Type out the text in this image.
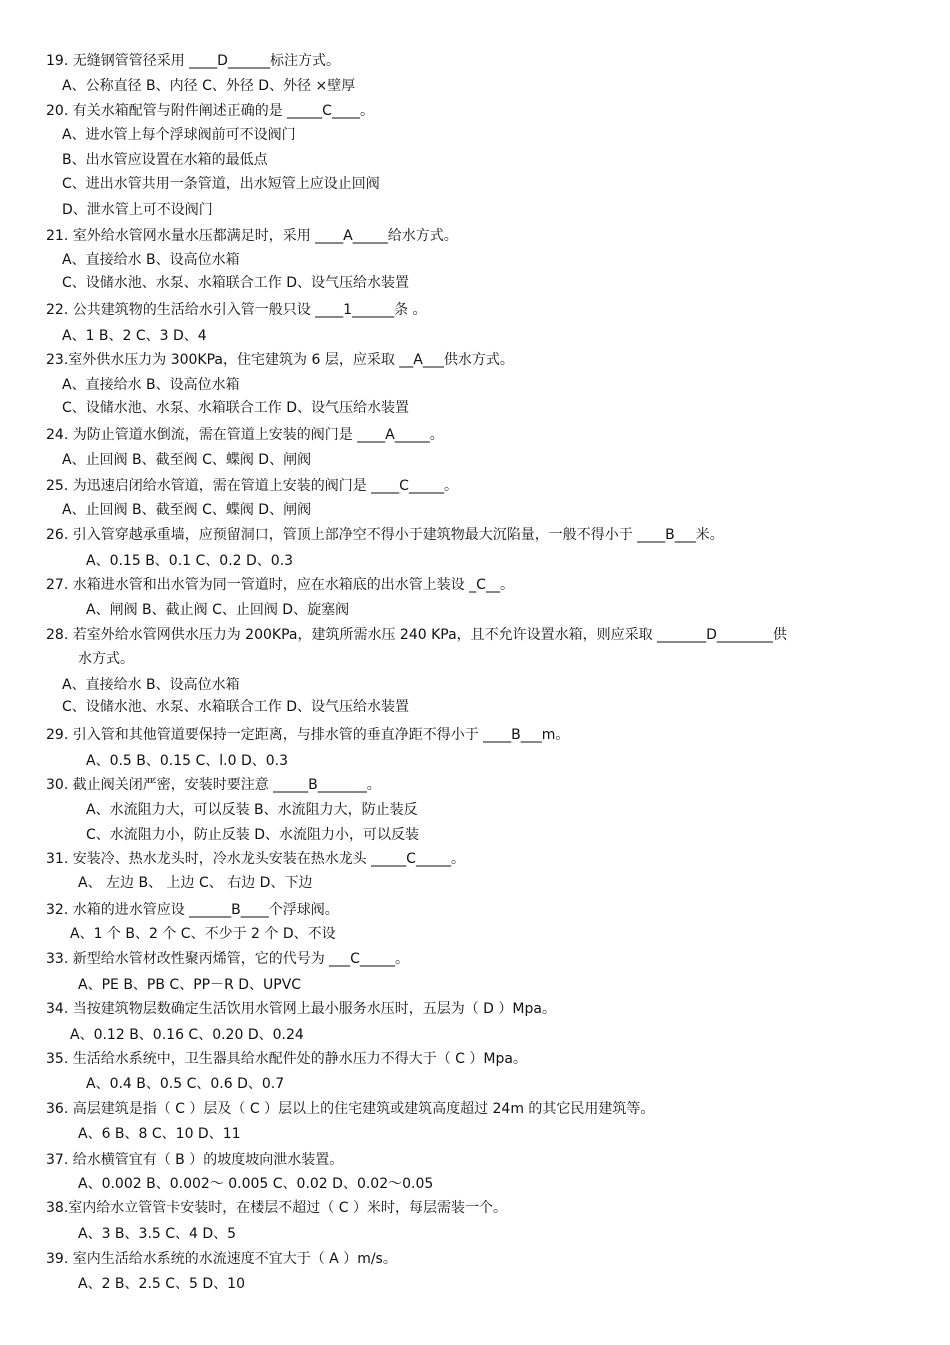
19. 无缝钢管管径采用 ____D______标注方式。
A、公称直径 B、内径 C、外径 D、外径 ×壁厚
20. 有关水箱配管与附件阐述正确的是 _____C____。
A、进水管上每个浮球阀前可不设阀门
B、出水管应设置在水箱的最低点
C、进出水管共用一条管道，出水短管上应设止回阀
D、泄水管上可不设阀门
21. 室外给水管网水量水压都满足时，采用 ____A_____给水方式。
A、直接给水 B、设高位水箱
C、设储水池、水泵、水箱联合工作 D、设气压给水装置
22. 公共建筑物的生活给水引入管一般只设 ____1______条 。
A、1 B、2 C、3 D、4
23.室外供水压力为 300KPa，住宅建筑为 6 层，应采取 __A___供水方式。
A、直接给水 B、设高位水箱
C、设储水池、水泵、水箱联合工作 D、设气压给水装置
24. 为防止管道水倒流，需在管道上安装的阀门是 ____A_____。
A、止回阀 B、截至阀 C、蝶阀 D、闸阀
25. 为迅速启闭给水管道，需在管道上安装的阀门是 ____C_____。
A、止回阀 B、截至阀 C、蝶阀 D、闸阀
26. 引入管穿越承重墙，应预留洞口，管顶上部净空不得小于建筑物最大沉陷量，一般不得小于 ____B___米。
A、0.15 B、0.1 C、0.2 D、0.3
27. 水箱进水管和出水管为同一管道时，应在水箱底的出水管上装设 _C__。
A、闸阀 B、截止阀 C、止回阀 D、旋塞阀
28. 若室外给水管网供水压力为 200KPa，建筑所需水压 240 KPa，且不允许设置水箱，则应采取 _______D________供
水方式。
A、直接给水 B、设高位水箱
C、设储水池、水泵、水箱联合工作 D、设气压给水装置
29. 引入管和其他管道要保持一定距离，与排水管的垂直净距不得小于 ____B___m。
A、0.5 B、0.15 C、l.0 D、0.3
30. 截止阀关闭严密，安装时要注意 _____B_______。
A、水流阻力大，可以反装 B、水流阻力大，防止装反
C、水流阻力小，防止反装 D、水流阻力小，可以反装
31. 安装冷、热水龙头时，冷水龙头安装在热水龙头 _____C_____。
A、 左边 B、 上边 C、 右边 D、下边
32. 水箱的进水管应设 ______B____个浮球阀。
A、1 个 B、2 个 C、不少于 2 个 D、不设
33. 新型给水管材改性聚丙烯管，它的代号为 ___C_____。
A、PE B、PB C、PP－R D、UPVC
34. 当按建筑物层数确定生活饮用水管网上最小服务水压时，五层为（ D ）Mpa。
A、0.12 B、0.16 C、0.20 D、0.24
35. 生活给水系统中，卫生器具给水配件处的静水压力不得大于（ C ）Mpa。
A、0.4 B、0.5 C、0.6 D、0.7
36. 高层建筑是指（ C ）层及（ C ）层以上的住宅建筑或建筑高度超过 24m 的其它民用建筑等。
A、6 B、8 C、10 D、11
37. 给水横管宜有（ B ）的坡度坡向泄水装置。
A、0.002 B、0.002～ 0.005 C、0.02 D、0.02～0.05
38.室内给水立管管卡安装时，在楼层不超过（ C ）米时，每层需装一个。
A、3 B、3.5 C、4 D、5
39. 室内生活给水系统的水流速度不宜大于（ A ）m/s。
A、2 B、2.5 C、5 D、10
